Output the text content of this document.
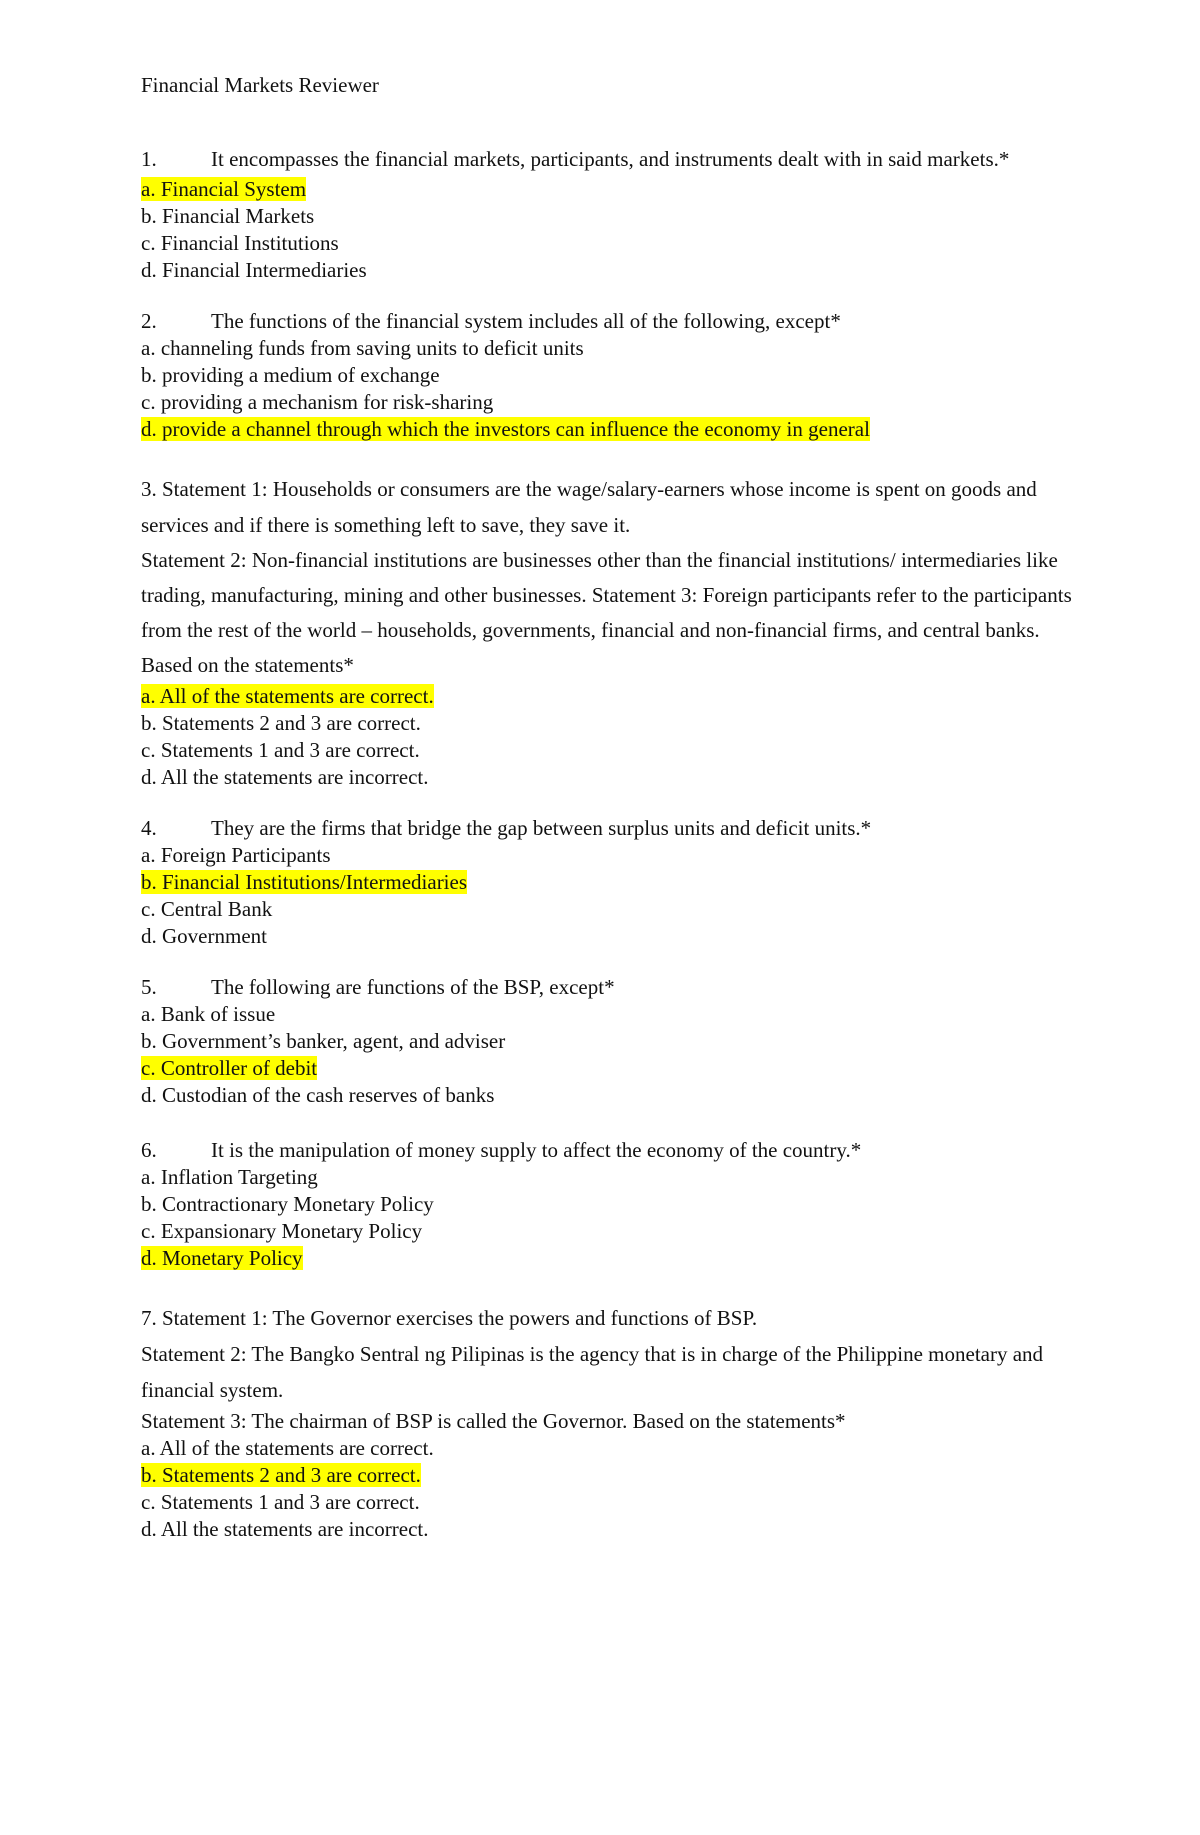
Financial Markets Reviewer

1.	It encompasses the financial markets, participants, and instruments dealt with in said markets.*

a. Financial System

b. Financial Markets

c. Financial Institutions

d. Financial Intermediaries

2.	The functions of the financial system includes all of the following, except*

a. channeling funds from saving units to deficit units

b. providing a medium of exchange

c. providing a mechanism for risk-sharing

d. provide a channel through which the investors can influence the economy in general

3. Statement 1: Households or consumers are the wage/salary-earners whose income is spent on goods and services and if there is something left to save, they save it.

Statement 2: Non-financial institutions are businesses other than the financial institutions/ intermediaries like trading, manufacturing, mining and other businesses. Statement 3: Foreign participants refer to the participants from the rest of the world – households, governments, financial and non-financial firms, and central banks. Based on the statements*

a. All of the statements are correct.

b. Statements 2 and 3 are correct.

c. Statements 1 and 3 are correct.

d. All the statements are incorrect.

4.	They are the firms that bridge the gap between surplus units and deficit units.*

a. Foreign Participants

b. Financial Institutions/Intermediaries

c. Central Bank

d. Government

5.	The following are functions of the BSP, except*

a. Bank of issue

b. Government’s banker, agent, and adviser

c. Controller of debit

d. Custodian of the cash reserves of banks

6.	It is the manipulation of money supply to affect the economy of the country.*

a. Inflation Targeting

b. Contractionary Monetary Policy

c. Expansionary Monetary Policy

d. Monetary Policy

7. Statement 1: The Governor exercises the powers and functions of BSP.

Statement 2: The Bangko Sentral ng Pilipinas is the agency that is in charge of the Philippine monetary and financial system.

Statement 3: The chairman of BSP is called the Governor. Based on the statements*

a. All of the statements are correct.

b. Statements 2 and 3 are correct.

c. Statements 1 and 3 are correct.

d. All the statements are incorrect.
